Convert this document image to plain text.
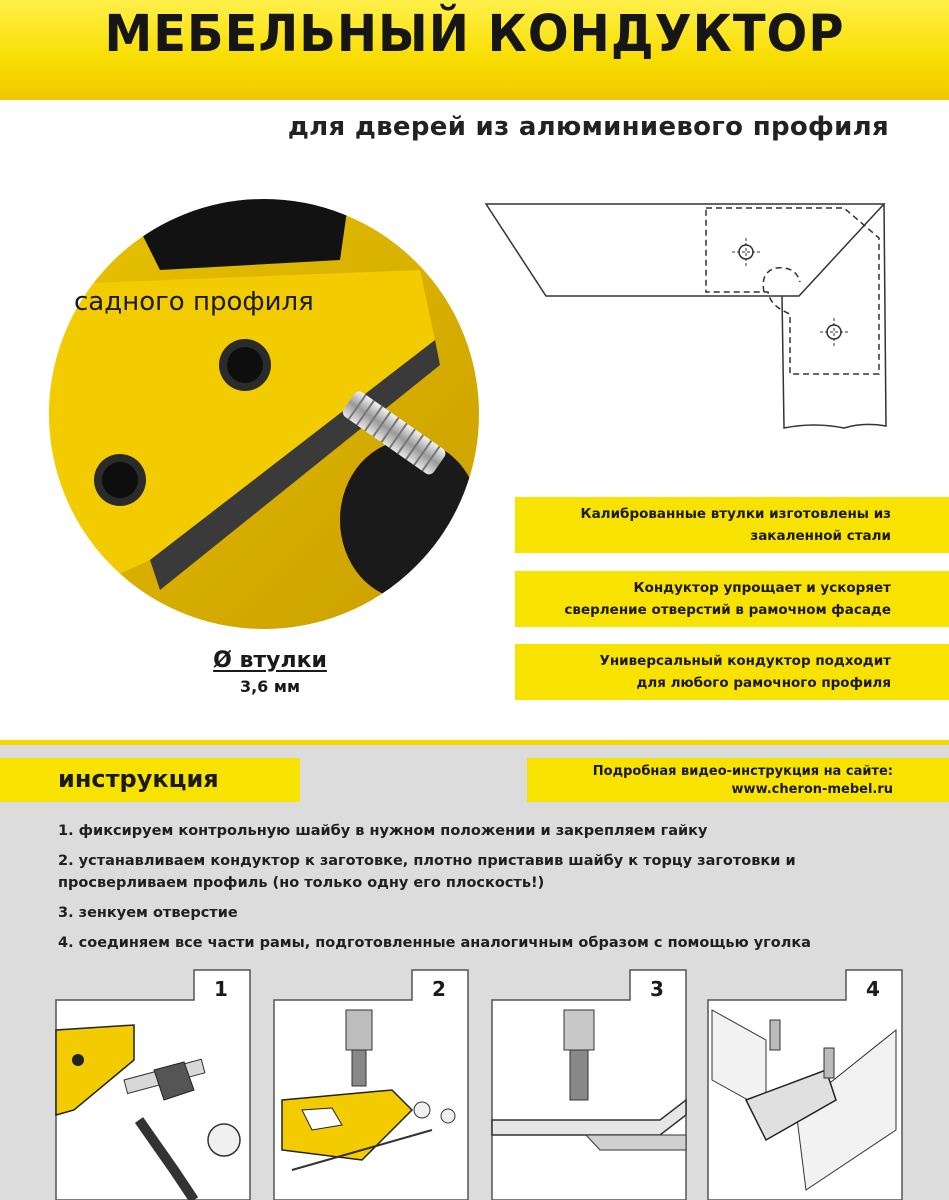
МЕБЕЛЬНЫЙ КОНДУКТОР
для дверей из алюминиевого профиля
садного профиля
Ø втулки
3,6 мм
Калиброванные втулки изготовлены из
закаленной стали
Кондуктор упрощает и ускоряет
сверление отверстий в рамочном фасаде
Универсальный кондуктор подходит
для любого рамочного профиля
инструкция	Подробная видео-инструкция на сайте:
www.cheron-mebel.ru

1. фиксируем контрольную шайбу в нужном положении и закрепляем гайку

2. устанавливаем кондуктор к заготовке, плотно приставив шайбу к торцу заготовки и просверливаем профиль (но только одну его плоскость!)

3. зенкуем отверстие

4. соединяем все части рамы, подготовленные аналогичным образом с помощью уголка

1	2	3	4
